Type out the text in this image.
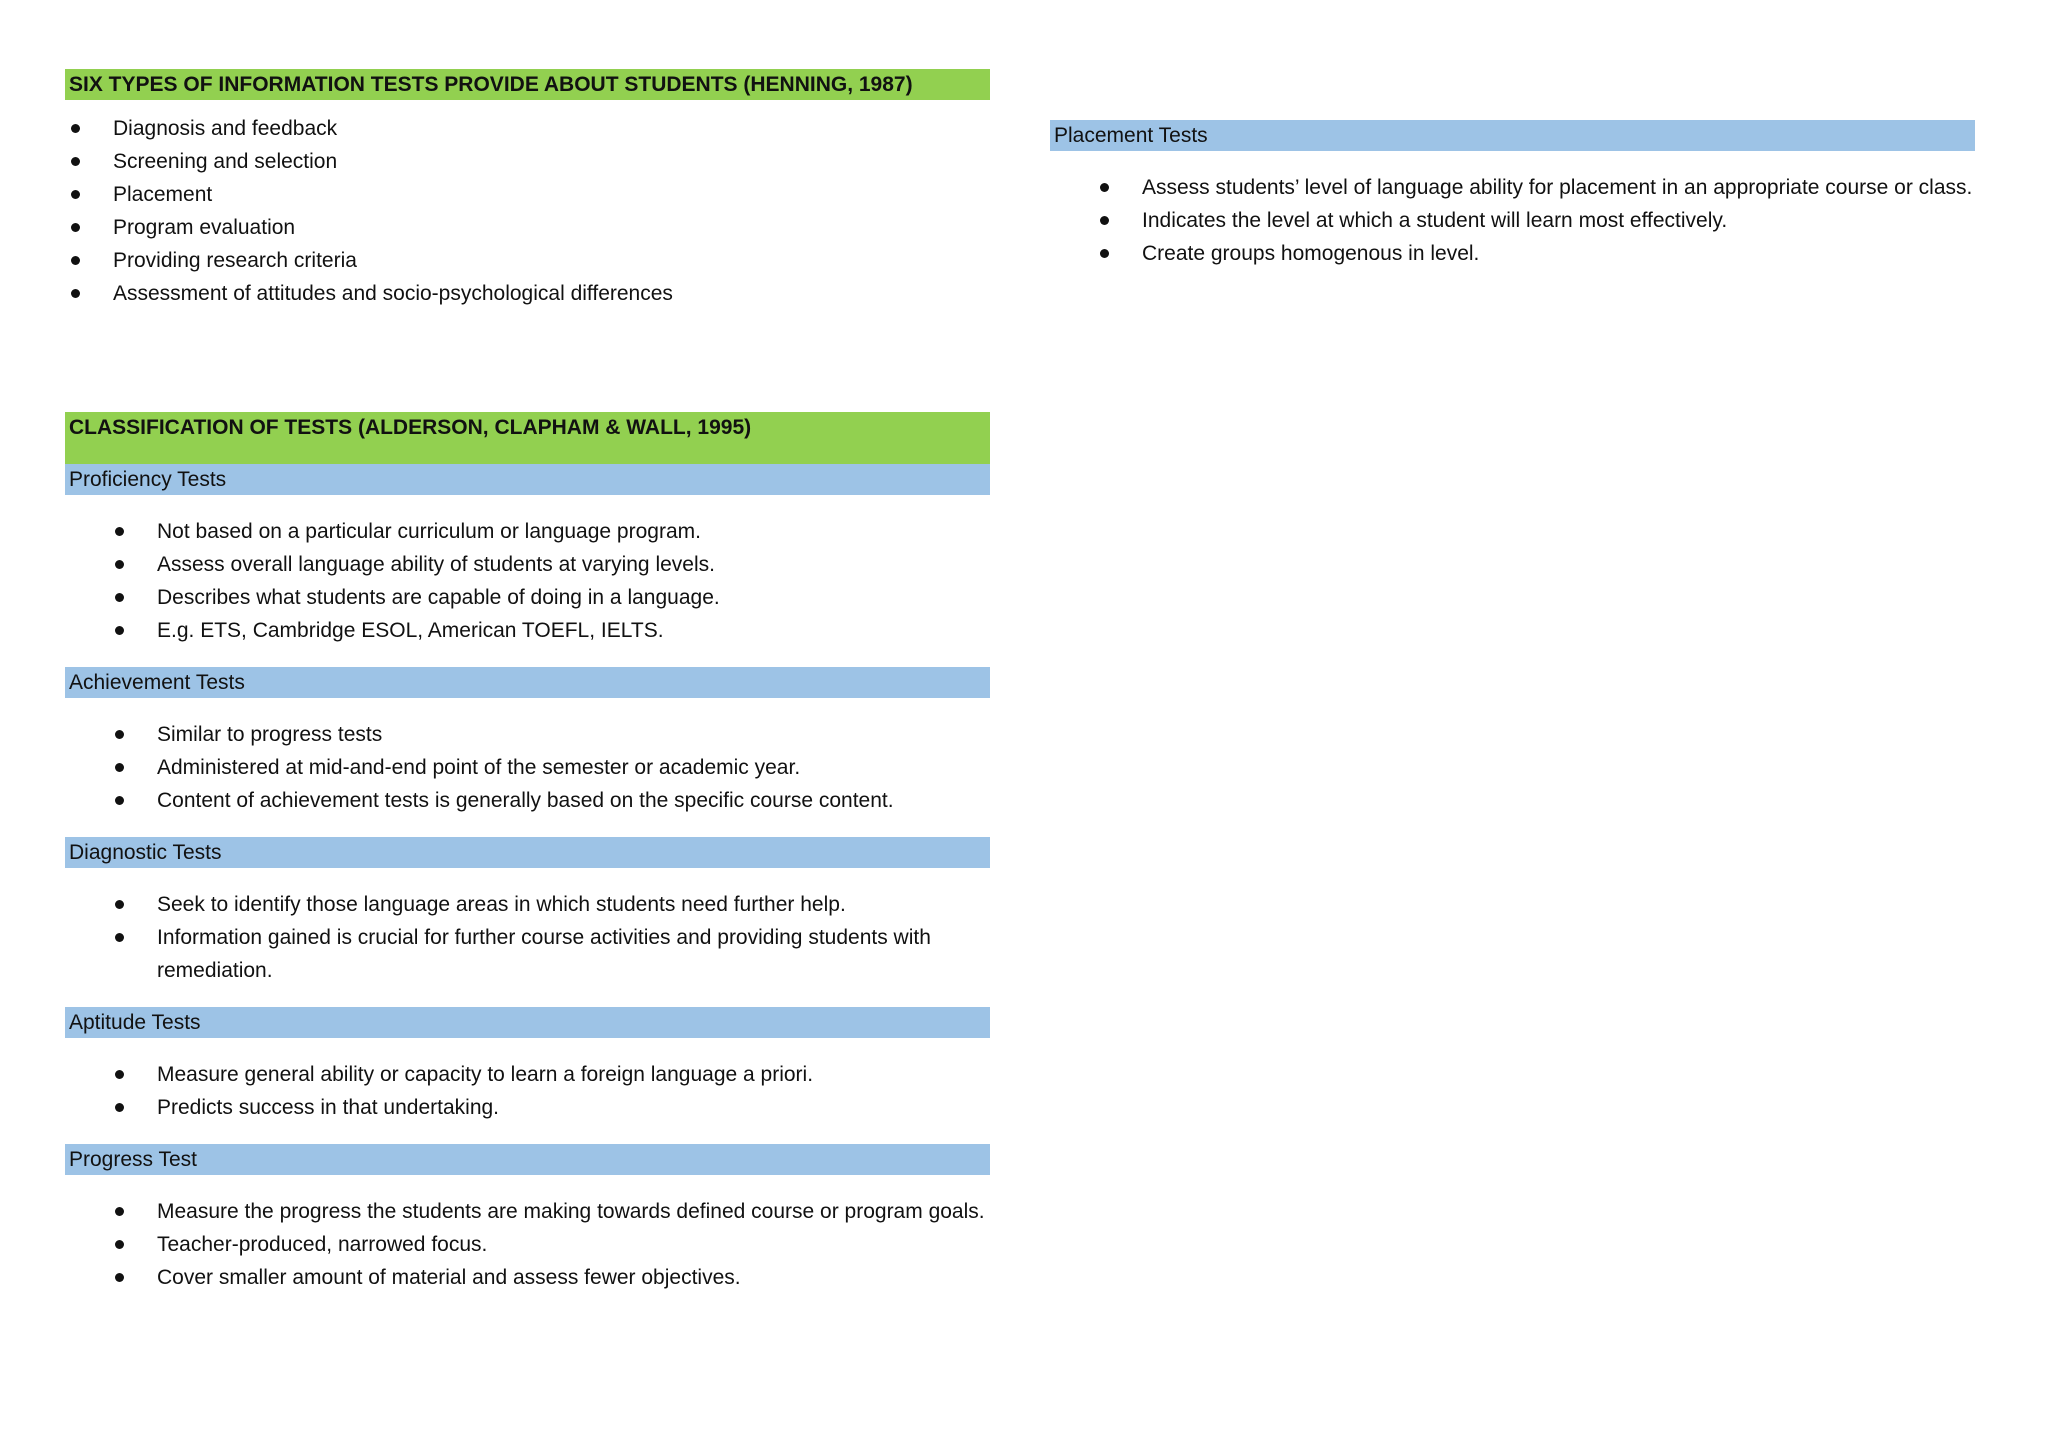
SIX TYPES OF INFORMATION TESTS PROVIDE ABOUT STUDENTS (HENNING, 1987)
Diagnosis and feedback
Screening and selection
Placement
Program evaluation
Providing research criteria
Assessment of attitudes and socio-psychological differences
CLASSIFICATION OF TESTS (ALDERSON, CLAPHAM & WALL, 1995)
Proficiency Tests
Not based on a particular curriculum or language program.
Assess overall language ability of students at varying levels.
Describes what students are capable of doing in a language.
E.g. ETS, Cambridge ESOL, American TOEFL, IELTS.
Achievement Tests
Similar to progress tests
Administered at mid-and-end point of the semester or academic year.
Content of achievement tests is generally based on the specific course content.
Diagnostic Tests
Seek to identify those language areas in which students need further help.
Information gained is crucial for further course activities and providing students with remediation.
Aptitude Tests
Measure general ability or capacity to learn a foreign language a priori.
Predicts success in that undertaking.
Progress Test
Measure the progress the students are making towards defined course or program goals.
Teacher-produced, narrowed focus.
Cover smaller amount of material and assess fewer objectives.
Placement Tests
Assess students’ level of language ability for placement in an appropriate course or class.
Indicates the level at which a student will learn most effectively.
Create groups homogenous in level.
